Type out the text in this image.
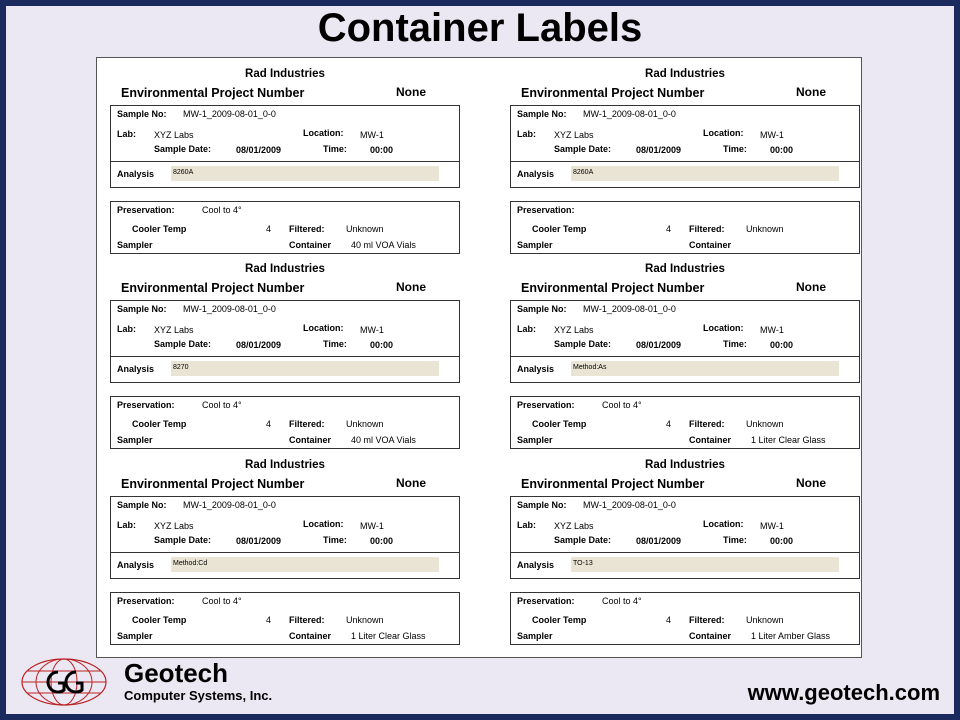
Container Labels
Rad Industries
Environmental Project Number	None
Sample No: MW-1_2009-08-01_0-0
Lab: XYZ Labs	Location: MW-1
Sample Date:	08/01/2009	Time:	00:00
Analysis	8260A
Preservation:	Cool to 4°
Cooler Temp	4 Filtered: Unknown
Sampler	Container 40 ml VOA Vials
Rad Industries
Environmental Project Number	None
Sample No: MW-1_2009-08-01_0-0
Lab: XYZ Labs	Location: MW-1
Sample Date:	08/01/2009	Time:	00:00
Analysis	8260A
Preservation:
Cooler Temp	4 Filtered: Unknown
Sampler	Container
Rad Industries
Environmental Project Number	None
Sample No: MW-1_2009-08-01_0-0
Lab: XYZ Labs	Location: MW-1
Sample Date:	08/01/2009	Time:	00:00
Analysis	8270
Preservation:	Cool to 4°
Cooler Temp	4 Filtered: Unknown
Sampler	Container 40 ml VOA Vials
Rad Industries
Environmental Project Number	None
Sample No: MW-1_2009-08-01_0-0
Lab: XYZ Labs	Location: MW-1
Sample Date:	08/01/2009	Time:	00:00
Analysis	Method:As
Preservation:	Cool to 4°
Cooler Temp	4 Filtered: Unknown
Sampler	Container 1 Liter Clear Glass
Rad Industries
Environmental Project Number	None
Sample No: MW-1_2009-08-01_0-0
Lab: XYZ Labs	Location: MW-1
Sample Date:	08/01/2009	Time:	00:00
Analysis	Method:Cd
Preservation:	Cool to 4°
Cooler Temp	4 Filtered: Unknown
Sampler	Container 1 Liter Clear Glass
Rad Industries
Environmental Project Number	None
Sample No: MW-1_2009-08-01_0-0
Lab: XYZ Labs	Location: MW-1
Sample Date:	08/01/2009	Time:	00:00
Analysis	TO-13
Preservation:	Cool to 4°
Cooler Temp	4 Filtered: Unknown
Sampler	Container 1 Liter Amber Glass
Geotech
Computer Systems, Inc.	www.geotech.com
